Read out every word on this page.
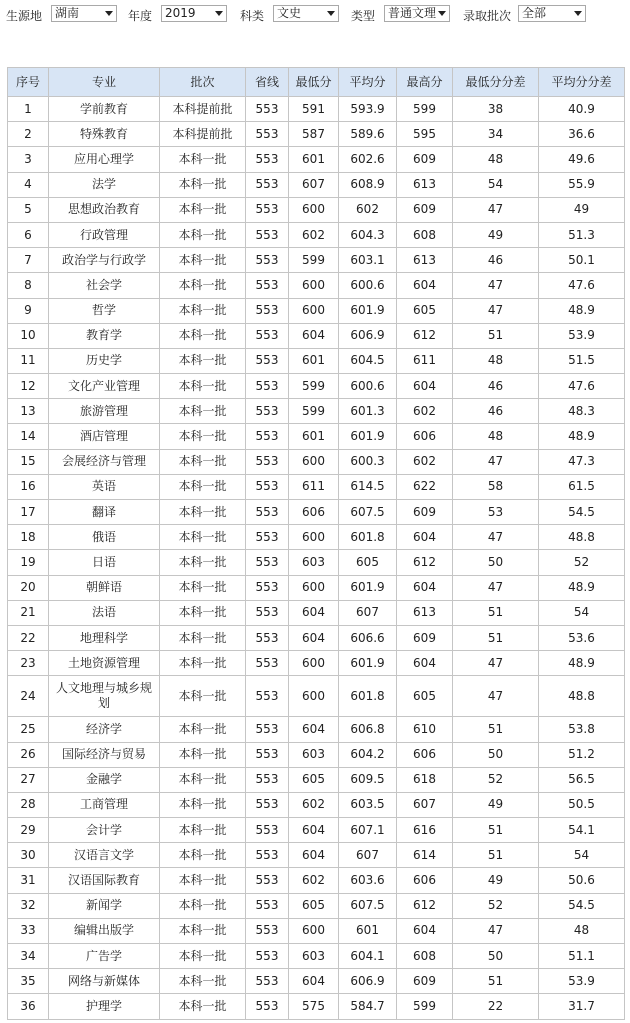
生源地	湖南	年度	2019	科类	文史	类型	普通文理	录取批次 全部
序号	专业	批次	省线	最低分	平均分	最高分	最低分分差	平均分分差
1	学前教育	本科提前批	553	591	593.9	599	38	40.9
2	特殊教育	本科提前批	553	587	589.6	595	34	36.6
3	应用心理学	本科一批	553	601	602.6	609	48	49.6
4	法学	本科一批	553	607	608.9	613	54	55.9
5	思想政治教育	本科一批	553	600	602	609	47	49
6	行政管理	本科一批	553	602	604.3	608	49	51.3
7	政治学与行政学	本科一批	553	599	603.1	613	46	50.1
8	社会学	本科一批	553	600	600.6	604	47	47.6
9	哲学	本科一批	553	600	601.9	605	47	48.9
10	教育学	本科一批	553	604	606.9	612	51	53.9
11	历史学	本科一批	553	601	604.5	611	48	51.5
12	文化产业管理	本科一批	553	599	600.6	604	46	47.6
13	旅游管理	本科一批	553	599	601.3	602	46	48.3
14	酒店管理	本科一批	553	601	601.9	606	48	48.9
15	会展经济与管理	本科一批	553	600	600.3	602	47	47.3
16	英语	本科一批	553	611	614.5	622	58	61.5
17	翻译	本科一批	553	606	607.5	609	53	54.5
18	俄语	本科一批	553	600	601.8	604	47	48.8
19	日语	本科一批	553	603	605	612	50	52
20	朝鲜语	本科一批	553	600	601.9	604	47	48.9
21	法语	本科一批	553	604	607	613	51	54
22	地理科学	本科一批	553	604	606.6	609	51	53.6
23	土地资源管理	本科一批	553	600	601.9	604	47	48.9
24	人文地理与城乡规划	本科一批	553	600	601.8	605	47	48.8
25	经济学	本科一批	553	604	606.8	610	51	53.8
26	国际经济与贸易	本科一批	553	603	604.2	606	50	51.2
27	金融学	本科一批	553	605	609.5	618	52	56.5
28	工商管理	本科一批	553	602	603.5	607	49	50.5
29	会计学	本科一批	553	604	607.1	616	51	54.1
30	汉语言文学	本科一批	553	604	607	614	51	54
31	汉语国际教育	本科一批	553	602	603.6	606	49	50.6
32	新闻学	本科一批	553	605	607.5	612	52	54.5
33	编辑出版学	本科一批	553	600	601	604	47	48
34	广告学	本科一批	553	603	604.1	608	50	51.1
35	网络与新媒体	本科一批	553	604	606.9	609	51	53.9
36	护理学	本科一批	553	575	584.7	599	22	31.7
